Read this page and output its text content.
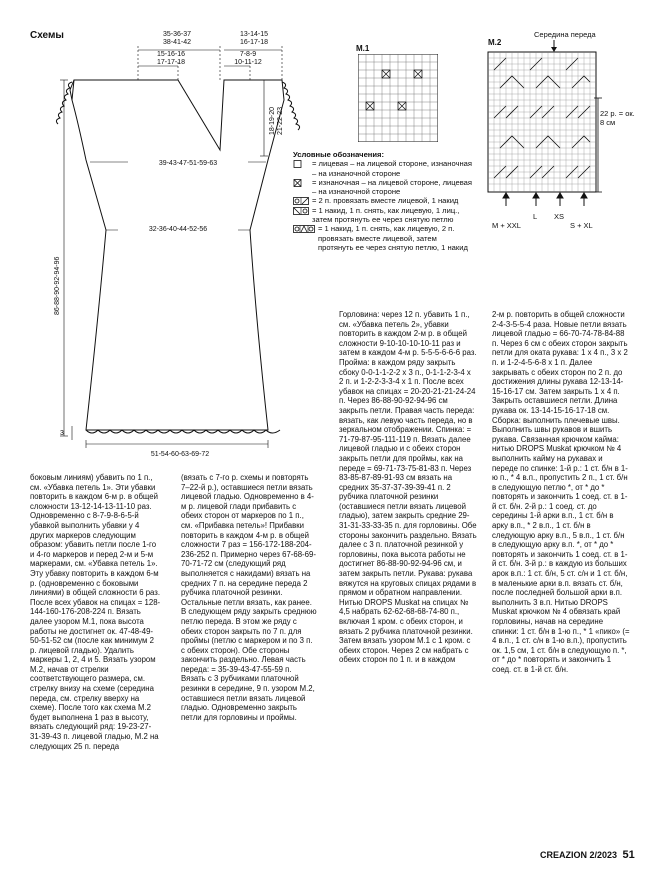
Схемы	35-36-37
38-41-42
15-16-16
17-17-18
13-14-15
16-17-18
7-8-9
10-11-12
18-19-20 21-22-23
86-88-90-92-94-96
3
39-43-47-51-59-63
32-36-40-44-52-56
51-54-60-63-69-72
M.1
M.2
Середина переда
22 р. = ок. 8 см
M + XXL
L XS
S + XL
Условные обозначения:
= лицевая – на лицевой стороне, изнаночная – на изнаночной стороне
= изнаночная – на лицевой стороне, лицевая – на изнаночной стороне
= 2 п. провязать вместе лицевой, 1 накид
= 1 накид, 1 п. снять, как лицевую, 1 лиц., затем протянуть ее через снятую петлю
= 1 накид, 1 п. снять, как лицевую, 2 п. провязать вместе лицевой, затем протянуть ее через снятую петлю, 1 накид
боковым линиям) убавить по 1 п., см. «Убавка петель 1». Эти убавки повторить в каждом 6-м р. в общей сложности 13-12-14-13-11-10 раз. Одновременно с 8-7-9-8-6-5-й убавкой выполнить убавки у 4 других маркеров следующим образом: убавить петли после 1-го и 4-го маркеров и перед 2-м и 5-м маркерами, см. «Убавка петель 1». Эту убавку повторить в каждом 6-м р. (одновременно с боковыми линиями) в общей сложности 6 раз. После всех убавок на спицах = 128-144-160-176-208-224 п. Вязать далее узором М.1, пока высота работы не достигнет ок. 47-48-49-50-51-52 см (после как минимум 2 р. лицевой гладью). Удалить маркеры 1, 2, 4 и 5. Вязать узором М.2, начав от стрелки соответствующего размера, см. стрелку внизу на схеме (середина переда, см. стрелку вверху на схеме). После того как схема М.2 будет выполнена 1 раз в высоту, вязать следующий ряд: 19-23-27-31-39-43 п. лицевой гладью, М.2 на следующих 25 п. переда
(вязать с 7-го р. схемы и повторять 7–22-й р.), оставшиеся петли вязать лицевой гладью. Одновременно в 4-м р. лицевой глади прибавить с обеих сторон от маркеров по 1 п., см. «Прибавка петель»! Прибавки повторить в каждом 4-м р. в общей сложности 7 раз = 156-172-188-204-236-252 п. Примерно через 67-68-69-70-71-72 см (следующий ряд выполняется с накидами) вязать на средних 7 п. на середине переда 2 рубчика платочной резинки. Остальные петли вязать, как ранее. В следующем ряду закрыть среднюю петлю переда. В этом же ряду с обеих сторон закрыть по 7 п. для проймы (петлю с маркером и по 3 п. с обеих сторон). Обе стороны закончить раздельно. Левая часть переда: = 35-39-43-47-55-59 п. Вязать с 3 рубчиками платочной резинки в середине, 9 п. узором М.2, оставшиеся петли вязать лицевой гладью. Одновременно закрыть петли для горловины и проймы.
Горловина: через 12 п. убавить 1 п., см. «Убавка петель 2», убавки повторить в каждом 2-м р. в общей сложности 9-10-10-10-10-11 раз и затем в каждом 4-м р. 5-5-5-6-6-6 раз. Пройма: в каждом ряду закрыть сбоку 0-0-1-1-2-2 х 3 п., 0-1-1-2-3-4 х 2 п. и 1-2-2-3-3-4 х 1 п. После всех убавок на спицах = 20-20-21-21-24-24 п. Через 86-88-90-92-94-96 см закрыть петли. Правая часть переда: вязать, как левую часть переда, но в зеркальном отображении. Спинка: = 71-79-87-95-111-119 п. Вязать далее лицевой гладью и с обеих сторон закрыть петли для проймы, как на переде = 69-71-73-75-81-83 п. Через 83-85-87-89-91-93 см вязать на средних 35-37-37-39-39-41 п. 2 рубчика платочной резинки (оставшиеся петли вязать лицевой гладью), затем закрыть средние 29-31-31-33-33-35 п. для горловины. Обе стороны закончить раздельно. Вязать далее с 3 п. платочной резинкой у горловины, пока высота работы не достигнет 86-88-90-92-94-96 см, и затем закрыть петли. Рукава: рукава вяжутся на круговых спицах рядами в прямом и обратном направлении. Нитью DROPS Muskat на спицах № 4,5 набрать 62-62-68-68-74-80 п., включая 1 кром. с обеих сторон, и вязать 2 рубчика платочной резинки. Затем вязать узором М.1 с 1 кром. с обеих сторон. Через 2 см набрать с обеих сторон по 1 п. и в каждом
2-м р. повторить в общей сложности 2-4-3-5-5-4 раза. Новые петли вязать лицевой гладью = 66-70-74-78-84-88 п. Через 6 см с обеих сторон закрыть петли для оката рукава: 1 х 4 п., 3 х 2 п. и 1-2-4-5-6-8 х 1 п. Далее закрывать с обеих сторон по 2 п. до достижения длины рукава 12-13-14-15-16-17 см. Затем закрыть 1 х 4 п. Закрыть оставшиеся петли. Длина рукава ок. 13-14-15-16-17-18 см. Сборка: выполнить плечевые швы. Выполнить швы рукавов и вшить рукава. Связанная крючком кайма: нитью DROPS Muskat крючком № 4 выполнить кайму на рукавах и переде по спинке: 1-й р.: 1 ст. б/н в 1-ю п., * 4 в.п., пропустить 2 п., 1 ст. б/н в следующую петлю *, от * до * повторять и закончить 1 соед. ст. в 1-й ст. б/н. 2-й р.: 1 соед. ст. до середины 1-й арки в.п., 1 ст. б/н в арку в.п., * 2 в.п., 1 ст. б/н в следующую арку в.п., 5 в.п., 1 ст. б/н в следующую арку в.п. *, от * до * повторять и закончить 1 соед. ст. в 1-й ст. б/н. 3-й р.: в каждую из больших арок в.п.: 1 ст. б/н, 5 ст. с/н и 1 ст. б/н, в маленькие арки в.п. вязать ст. б/н, после последней большой арки в.п. выполнить 3 в.п. Нитью DROPS Muskat крючком № 4 обвязать край горловины, начав на середине спинки: 1 ст. б/н в 1-ю п., * 1 «пико» (= 4 в.п., 1 ст. с/н в 1-ю в.п.), пропустить ок. 1,5 см, 1 ст. б/н в следующую п. *, от * до * повторять и закончить 1 соед. ст. в 1-й ст. б/н.
CREAZION 2/2023 51
